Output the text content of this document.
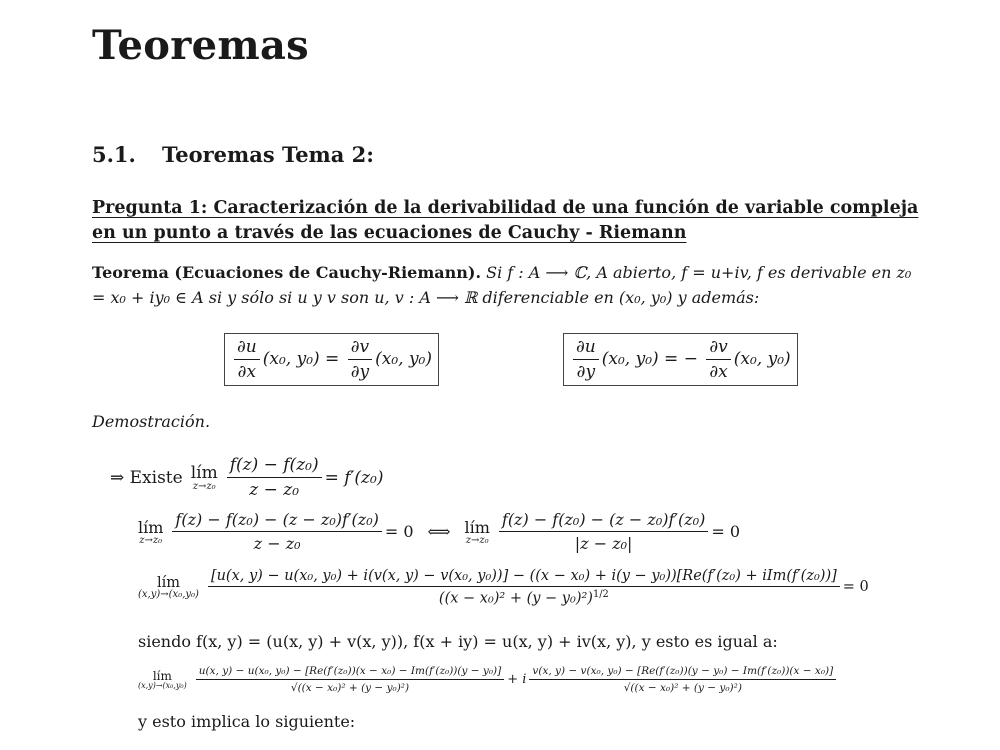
Teoremas
5.1. Teoremas Tema 2:
Pregunta 1: Caracterización de la derivabilidad de una función de variable compleja
en un punto a través de las ecuaciones de Cauchy - Riemann
Teorema (Ecuaciones de Cauchy-Riemann). Si f : A ⟶ ℂ, A abierto, f = u+iv, f es derivable en z₀ = x₀ + iy₀ ∈ A si y sólo si u y v son u, v : A ⟶ ℝ diferenciable en (x₀, y₀) y además:
$\frac{\partial u}{\partial x} (x_0$, $y_0) = \frac{\partial v}{\partial y} (x_0$, y₀)	$\frac{\partial u}{\partial y} (x_0$, y₀) = − $\frac{\partial v}{\partial x} (x_0$, y₀)
Demostración.
⇒ Existe lím
$z\to z_0 \frac{\text{f(z) − f(z₀)}}{\text{z − z₀}} = f'(z_0)$
lím
$z\to z_0 \frac{\text{f(z) − f(z₀) − (z − z₀)f′(z₀)}}{\text{z − z₀}} = 0$ ⟺ lím
$z\to z_0 \frac{\text{f(z) − f(z₀) − (z − z₀)f′(z₀)}}{\text{|z − z₀|}} = 0$
lím
(x,y)→(x₀,y₀)
[u(x, y) − u(x₀, y₀) + i(v(x, y) − v(x₀, y₀))] − ((x − x₀) + i(y − y₀))[Re(f′(z₀) + iIm(f′(z₀))]
$((x - x_0)^2 + (y - y_0)^2)^{1/2}$	= 0
siendo f(x, y) = (u(x, y) + v(x, y)), f(x + iy) = u(x, y) + iv(x, y), y esto es igual a:
lím
(x,y)→(x₀,y₀)
u(x, y) − u(x₀, y₀) − [Re(f′(z₀))(x − x₀) − Im(f′(z₀))(y − y₀)]
√((x − x₀)² + (y − y₀)²)
+ i
v(x, y) − v(x₀, y₀) − [Re(f′(z₀))(y − y₀) − Im(f′(z₀))(x − x₀)]
√((x − x₀)² + (y − y₀)²)
y esto implica lo siguiente:
